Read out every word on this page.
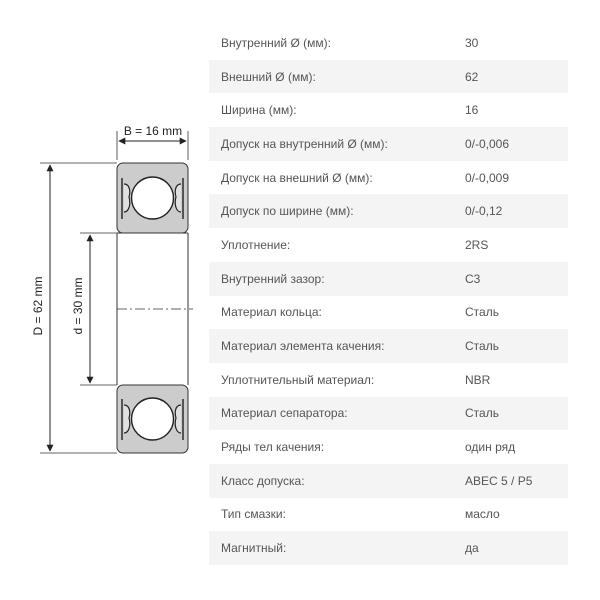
B = 16 mm
D = 62 mm d = 30 mm
Внутренний Ø (мм):	30
Внешний Ø (мм):	62
Ширина (мм):	16
Допуск на внутренний Ø (мм):	0/-0,006
Допуск на внешний Ø (мм):	0/-0,009
Допуск по ширине (мм):	0/-0,12
Уплотнение:	2RS
Внутренний зазор:	C3
Материал кольца:	Сталь
Материал элемента качения:	Сталь
Уплотнительный материал:	NBR
Материал сепаратора:	Сталь
Ряды тел качения:	один ряд
Класс допуска:	ABEC 5 / P5
Тип смазки:	масло
Магнитный:	да
